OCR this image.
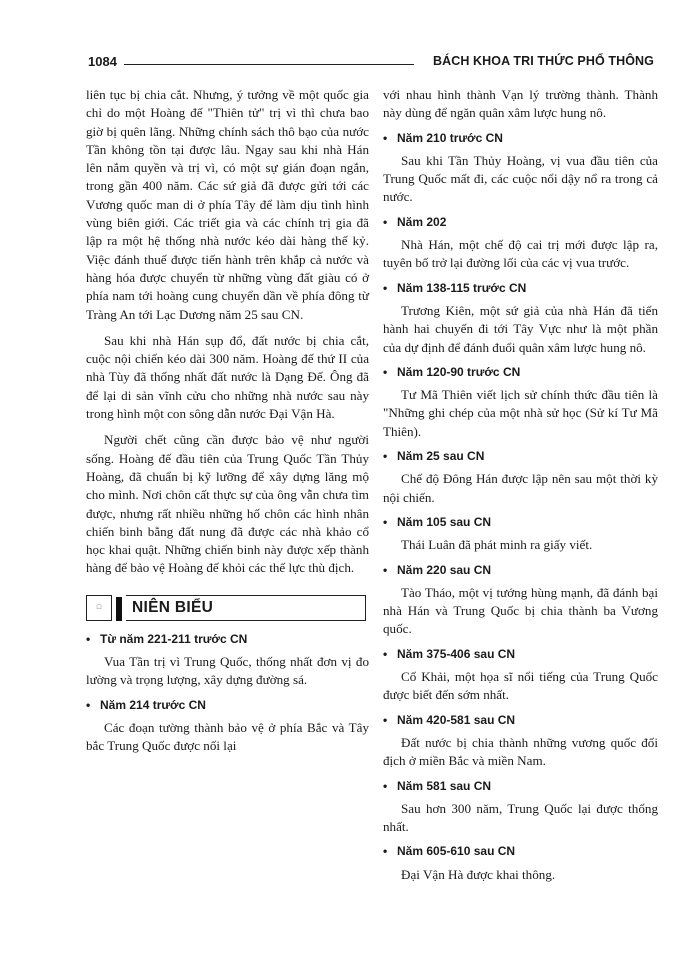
1084	BÁCH KHOA TRI THỨC PHỔ THÔNG

liên tục bị chia cắt. Nhưng, ý tưởng về một quốc gia chỉ do một Hoàng đế "Thiên tử" trị vì thì chưa bao giờ bị quên lãng. Những chính sách thô bạo của nước Tần không tồn tại được lâu. Ngay sau khi nhà Hán lên nắm quyền và trị vì, có một sự gián đoạn ngắn, trong gần 400 năm. Các sứ giả đã được gửi tới các Vương quốc man di ở phía Tây để làm dịu tình hình vùng biên giới. Các triết gia và các chính trị gia đã lập ra một hệ thống nhà nước kéo dài hàng thế kỷ. Việc đánh thuế được tiến hành trên khắp cả nước và hàng hóa được chuyển từ những vùng đất giàu có ở phía nam tới hoàng cung chuyển dần về phía đông từ Tràng An tới Lạc Dương năm 25 sau CN.

Sau khi nhà Hán sụp đổ, đất nước bị chia cắt, cuộc nội chiến kéo dài 300 năm. Hoàng đế thứ II của nhà Tùy đã thống nhất đất nước là Dạng Đế. Ông đã để lại di sản vĩnh cửu cho những nhà nước sau này trong hình một con sông dẫn nước Đại Vận Hà.

Người chết cũng cần được bảo vệ như người sống. Hoàng đế đầu tiên của Trung Quốc Tần Thủy Hoàng, đã chuẩn bị kỹ lưỡng để xây dựng lăng mộ cho mình. Nơi chôn cất thực sự của ông vẫn chưa tìm được, nhưng rất nhiều những hố chôn các hình nhân chiến binh bằng đất nung đã được các nhà khảo cổ học khai quật. Những chiến binh này được xếp thành hàng để bảo vệ Hoàng đế khỏi các thế lực thù địch.

□	NIÊN BIỂU
• Từ năm 221-211 trước CN

Vua Tần trị vì Trung Quốc, thống nhất đơn vị đo lường và trọng lượng, xây dựng đường sá.

• Năm 214 trước CN

Các đoạn tường thành bảo vệ ở phía Bắc và Tây bắc Trung Quốc được nối lại

với nhau hình thành Vạn lý trường thành. Thành này dùng để ngăn quân xâm lược hung nô.

• Năm 210 trước CN

Sau khi Tần Thủy Hoàng, vị vua đầu tiên của Trung Quốc mất đi, các cuộc nổi dậy nổ ra trong cả nước.

• Năm 202

Nhà Hán, một chế độ cai trị mới được lập ra, tuyên bố trở lại đường lối của các vị vua trước.

• Năm 138-115 trước CN

Trương Kiên, một sứ giả của nhà Hán đã tiến hành hai chuyến đi tới Tây Vực như là một phần của dự định để đánh đuổi quân xâm lược hung nô.

• Năm 120-90 trước CN

Tư Mã Thiên viết lịch sử chính thức đầu tiên là "Những ghi chép của một nhà sử học (Sử kí Tư Mã Thiên).

• Năm 25 sau CN

Chế độ Đông Hán được lập nên sau một thời kỳ nội chiến.

• Năm 105 sau CN

Thái Luân đã phát minh ra giấy viết.

• Năm 220 sau CN

Tào Tháo, một vị tướng hùng mạnh, đã đánh bại nhà Hán và Trung Quốc bị chia thành ba Vương quốc.

• Năm 375-406 sau CN

Cố Khải, một họa sĩ nổi tiếng của Trung Quốc được biết đến sớm nhất.

• Năm 420-581 sau CN

Đất nước bị chia thành những vương quốc đối địch ở miền Bắc và miền Nam.

• Năm 581 sau CN

Sau hơn 300 năm, Trung Quốc lại được thống nhất.

• Năm 605-610 sau CN

Đại Vận Hà được khai thông.
